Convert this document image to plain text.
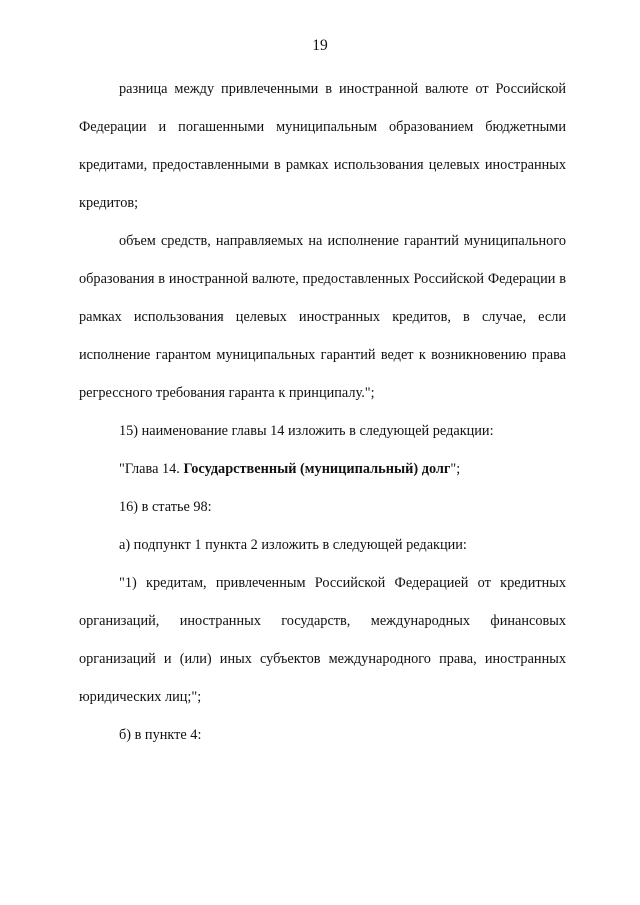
19

разница между привлеченными в иностранной валюте от Российской Федерации и погашенными муниципальным образованием бюджетными кредитами, предоставленными в рамках использования целевых иностранных кредитов;

объем средств, направляемых на исполнение гарантий муниципального образования в иностранной валюте, предоставленных Российской Федерации в рамках использования целевых иностранных кредитов, в случае, если исполнение гарантом муниципальных гарантий ведет к возникновению права регрессного требования гаранта к принципалу.";

15) наименование главы 14 изложить в следующей редакции:

"Глава 14. Государственный (муниципальный) долг";

16) в статье 98:

а) подпункт 1 пункта 2 изложить в следующей редакции:

"1) кредитам, привлеченным Российской Федерацией от кредитных организаций, иностранных государств, международных финансовых организаций и (или) иных субъектов международного права, иностранных юридических лиц;";

б) в пункте 4:
